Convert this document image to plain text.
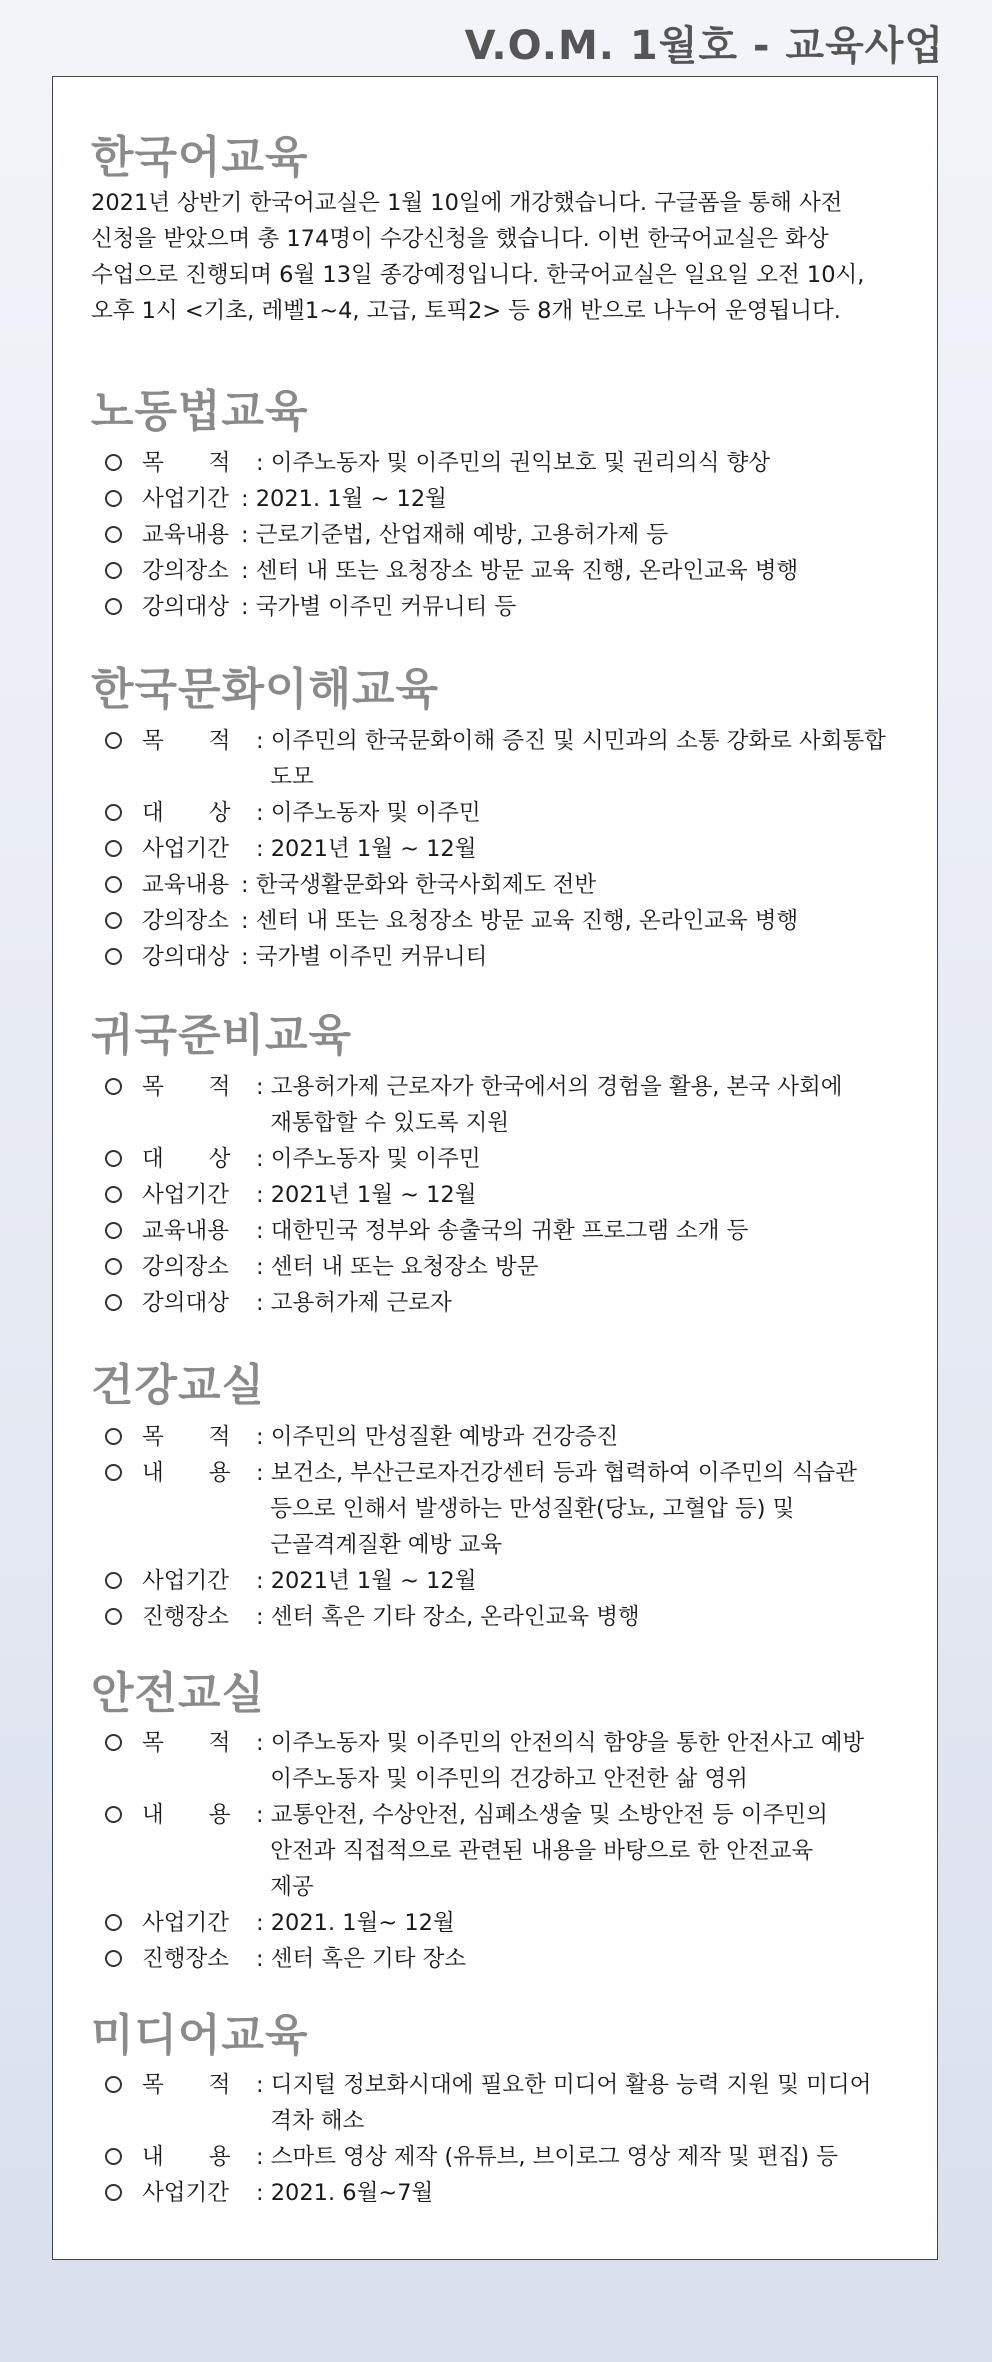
V.O.M. 1월호 - 교육사업
한국어교육
2021년 상반기 한국어교실은 1월 10일에 개강했습니다. 구글폼을 통해 사전
신청을 받았으며 총 174명이 수강신청을 했습니다. 이번 한국어교실은 화상
수업으로 진행되며 6월 13일 종강예정입니다. 한국어교실은 일요일 오전 10시,
오후 1시 <기초, 레벨1~4, 고급, 토픽2> 등 8개 반으로 나누어 운영됩니다.
노동법교육
목　　적 : 이주노동자 및 이주민의 권익보호 및 권리의식 향상
사업기간 : 2021. 1월 ~ 12월
교육내용 : 근로기준법, 산업재해 예방, 고용허가제 등
강의장소 : 센터 내 또는 요청장소 방문 교육 진행, 온라인교육 병행
강의대상 : 국가별 이주민 커뮤니티 등
한국문화이해교육
목　　적 : 이주민의 한국문화이해 증진 및 시민과의 소통 강화로 사회통합
도모
대　　상 : 이주노동자 및 이주민
사업기간 : 2021년 1월 ~ 12월
교육내용 : 한국생활문화와 한국사회제도 전반
강의장소 : 센터 내 또는 요청장소 방문 교육 진행, 온라인교육 병행
강의대상 : 국가별 이주민 커뮤니티
귀국준비교육
목　　적 : 고용허가제 근로자가 한국에서의 경험을 활용, 본국 사회에
재통합할 수 있도록 지원
대　　상 : 이주노동자 및 이주민
사업기간 : 2021년 1월 ~ 12월
교육내용 : 대한민국 정부와 송출국의 귀환 프로그램 소개 등
강의장소 : 센터 내 또는 요청장소 방문
강의대상 : 고용허가제 근로자
건강교실
목　　적 : 이주민의 만성질환 예방과 건강증진
내　　용 : 보건소, 부산근로자건강센터 등과 협력하여 이주민의 식습관
등으로 인해서 발생하는 만성질환(당뇨, 고혈압 등) 및
근골격계질환 예방 교육
사업기간 : 2021년 1월 ~ 12월
진행장소 : 센터 혹은 기타 장소, 온라인교육 병행
안전교실
목　　적 : 이주노동자 및 이주민의 안전의식 함양을 통한 안전사고 예방
이주노동자 및 이주민의 건강하고 안전한 삶 영위
내　　용 : 교통안전, 수상안전, 심폐소생술 및 소방안전 등 이주민의
안전과 직접적으로 관련된 내용을 바탕으로 한 안전교육
제공
사업기간 : 2021. 1월~ 12월
진행장소 : 센터 혹은 기타 장소
미디어교육
목　　적 : 디지털 정보화시대에 필요한 미디어 활용 능력 지원 및 미디어
격차 해소
내　　용 : 스마트 영상 제작 (유튜브, 브이로그 영상 제작 및 편집) 등
사업기간 : 2021. 6월~7월
